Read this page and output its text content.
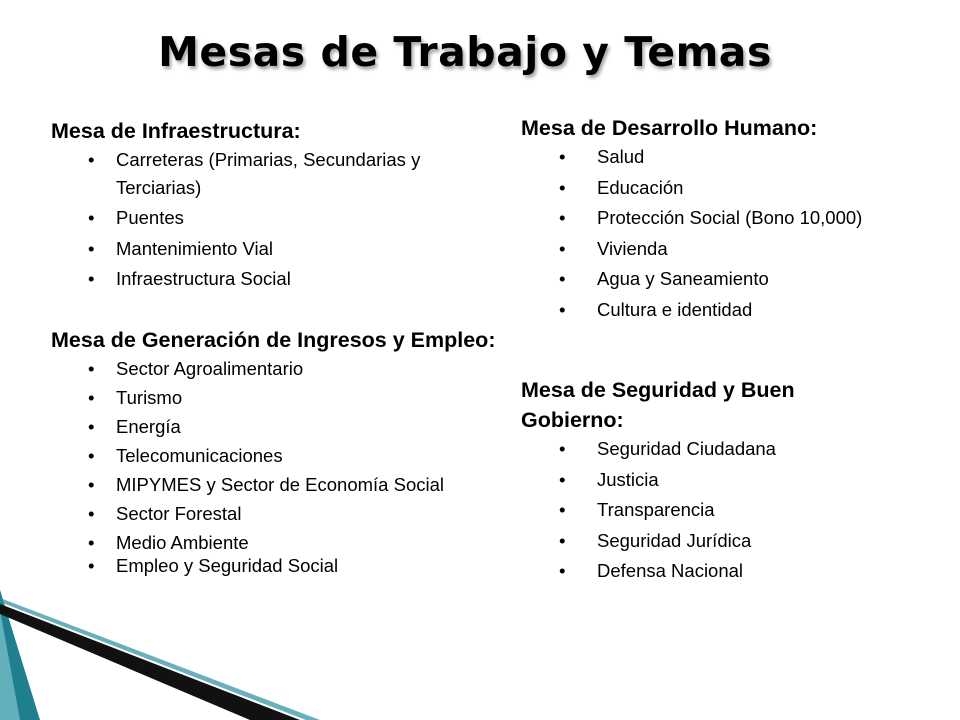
Mesas de Trabajo y Temas
Mesa de Infraestructura:
• Carreteras (Primarias, Secundarias y Terciarias)
• Puentes
• Mantenimiento Vial
• Infraestructura Social
Mesa de Generación de Ingresos y Empleo:
• Sector Agroalimentario
• Turismo
• Energía
• Telecomunicaciones
• MIPYMES y Sector de Economía Social
• Sector Forestal
• Medio Ambiente
• Empleo y Seguridad Social
Mesa de Desarrollo Humano:
• Salud
• Educación
• Protección Social (Bono 10,000)
• Vivienda
• Agua y Saneamiento
• Cultura e identidad
Mesa de Seguridad y Buen Gobierno:
• Seguridad Ciudadana
• Justicia
• Transparencia
• Seguridad Jurídica
• Defensa Nacional
